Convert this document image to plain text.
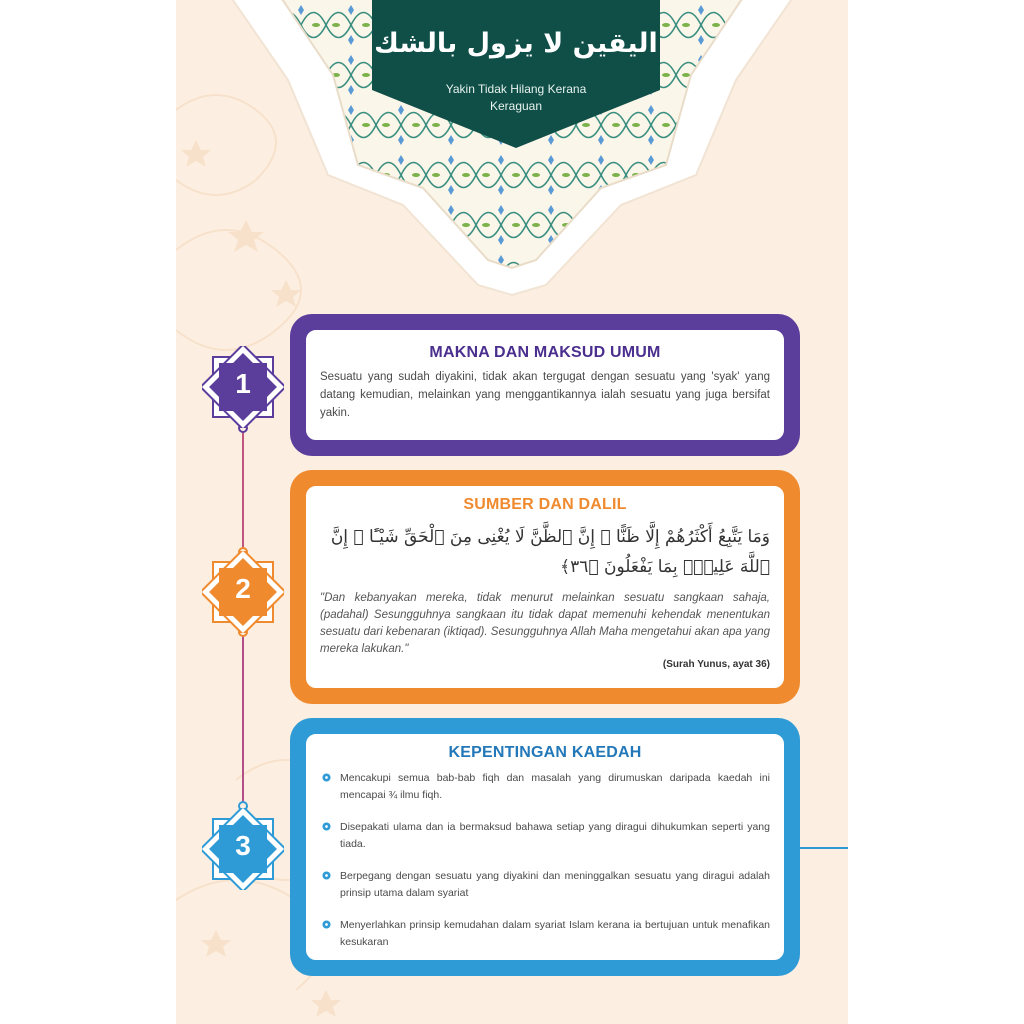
اليقين لا يزول بالشك
Yakin Tidak Hilang Kerana
Keraguan
MAKNA DAN MAKSUD UMUM
Sesuatu yang sudah diyakini, tidak akan tergugat dengan sesuatu yang 'syak' yang datang kemudian, melainkan yang menggantikannya ialah sesuatu yang juga bersifat yakin.
SUMBER DAN DALIL
وَمَا يَتَّبِعُ أَكْثَرُهُمْ إِلَّا ظَنًّا ۚ إِنَّ ٱلظَّنَّ لَا يُغْنِى مِنَ ٱلْحَقِّ شَيْـًٔا ۚ إِنَّ ٱللَّهَ عَلِيمٌۢ بِمَا يَفْعَلُونَ ﴿٣٦﴾
"Dan kebanyakan mereka, tidak menurut melainkan sesuatu sangkaan sahaja, (padahal) Sesungguhnya sangkaan itu tidak dapat memenuhi kehendak menentukan sesuatu dari kebenaran (iktiqad). Sesungguhnya Allah Maha mengetahui akan apa yang mereka lakukan."
(Surah Yunus, ayat 36)
KEPENTINGAN KAEDAH
Mencakupi semua bab-bab fiqh dan masalah yang dirumuskan daripada kaedah ini mencapai ¾ ilmu fiqh.
Disepakati ulama dan ia bermaksud bahawa setiap yang diragui dihukumkan seperti yang tiada.
Berpegang dengan sesuatu yang diyakini dan meninggalkan sesuatu yang diragui adalah prinsip utama dalam syariat
Menyerlahkan prinsip kemudahan dalam syariat Islam kerana ia bertujuan untuk menafikan kesukaran
1
2
3
